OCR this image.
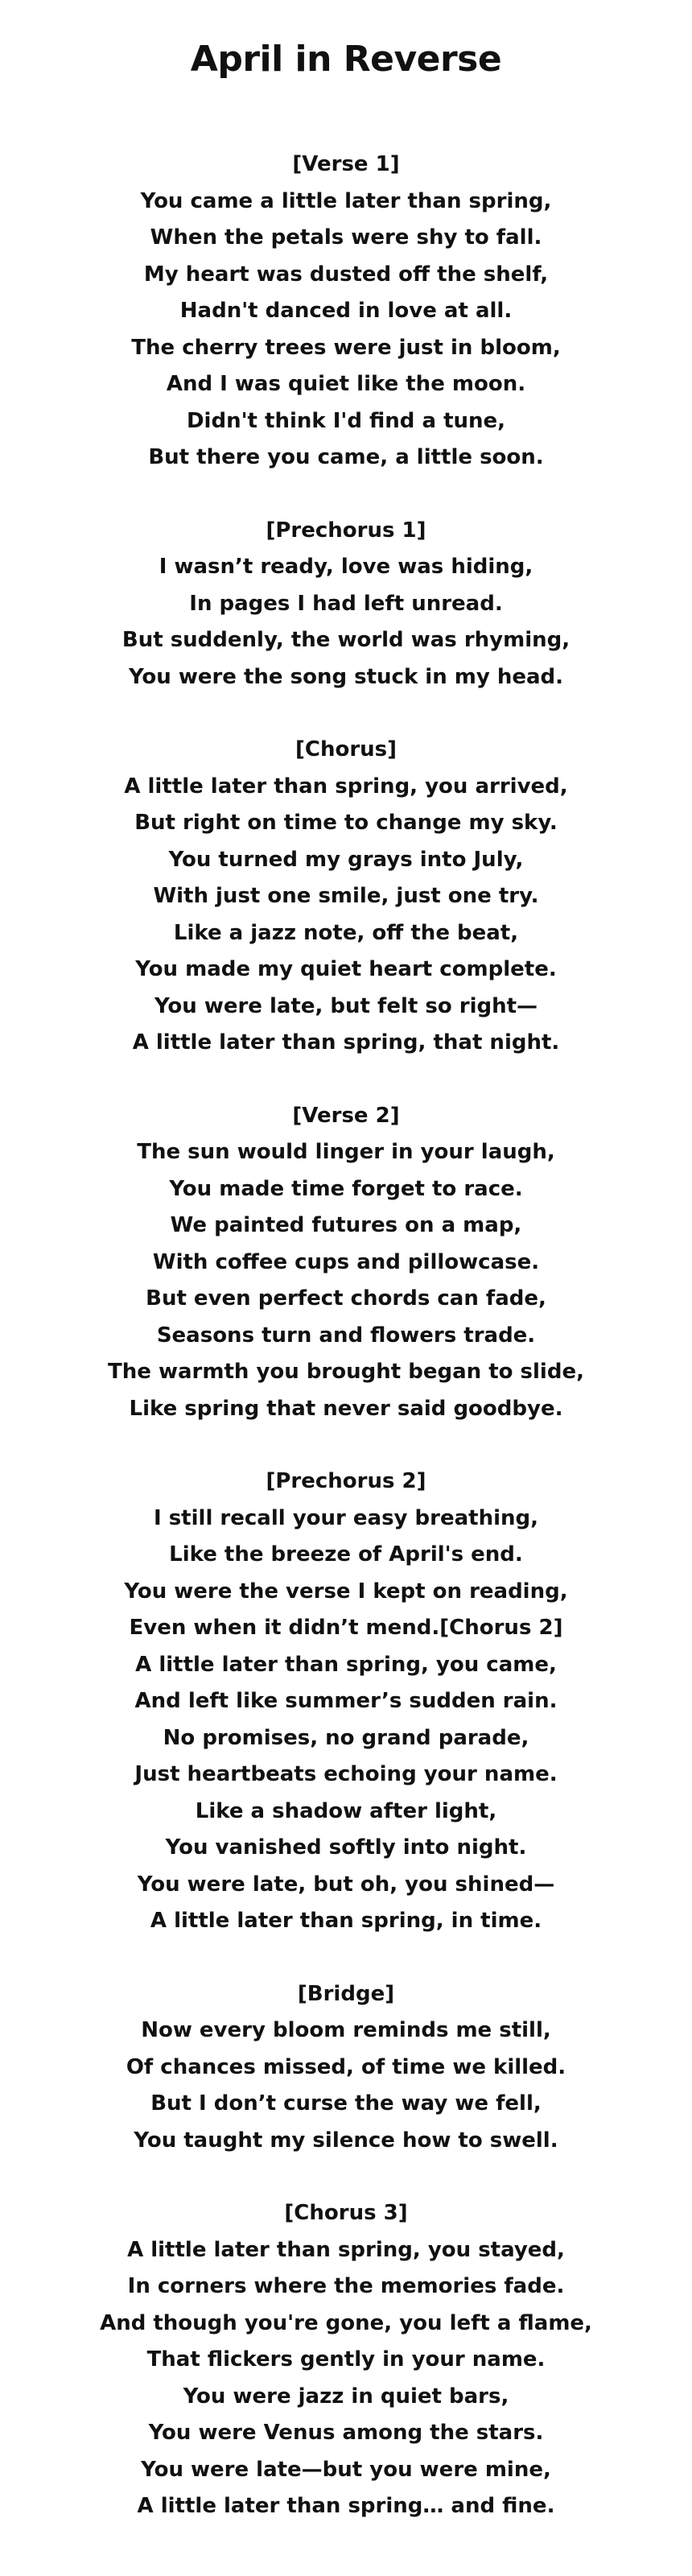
April in Reverse
[Verse 1]
You came a little later than spring,
When the petals were shy to fall.
My heart was dusted off the shelf,
Hadn't danced in love at all.
The cherry trees were just in bloom,
And I was quiet like the moon.
Didn't think I'd find a tune,
But there you came, a little soon.
[Prechorus 1]
I wasn’t ready, love was hiding,
In pages I had left unread.
But suddenly, the world was rhyming,
You were the song stuck in my head.
[Chorus]
A little later than spring, you arrived,
But right on time to change my sky.
You turned my grays into July,
With just one smile, just one try.
Like a jazz note, off the beat,
You made my quiet heart complete.
You were late, but felt so right—
A little later than spring, that night.
[Verse 2]
The sun would linger in your laugh,
You made time forget to race.
We painted futures on a map,
With coffee cups and pillowcase.
But even perfect chords can fade,
Seasons turn and flowers trade.
The warmth you brought began to slide,
Like spring that never said goodbye.
[Prechorus 2]
I still recall your easy breathing,
Like the breeze of April's end.
You were the verse I kept on reading,
Even when it didn’t mend.[Chorus 2]
A little later than spring, you came,
And left like summer’s sudden rain.
No promises, no grand parade,
Just heartbeats echoing your name.
Like a shadow after light,
You vanished softly into night.
You were late, but oh, you shined—
A little later than spring, in time.
[Bridge]
Now every bloom reminds me still,
Of chances missed, of time we killed.
But I don’t curse the way we fell,
You taught my silence how to swell.
[Chorus 3]
A little later than spring, you stayed,
In corners where the memories fade.
And though you're gone, you left a flame,
That flickers gently in your name.
You were jazz in quiet bars,
You were Venus among the stars.
You were late—but you were mine,
A little later than spring… and fine.
